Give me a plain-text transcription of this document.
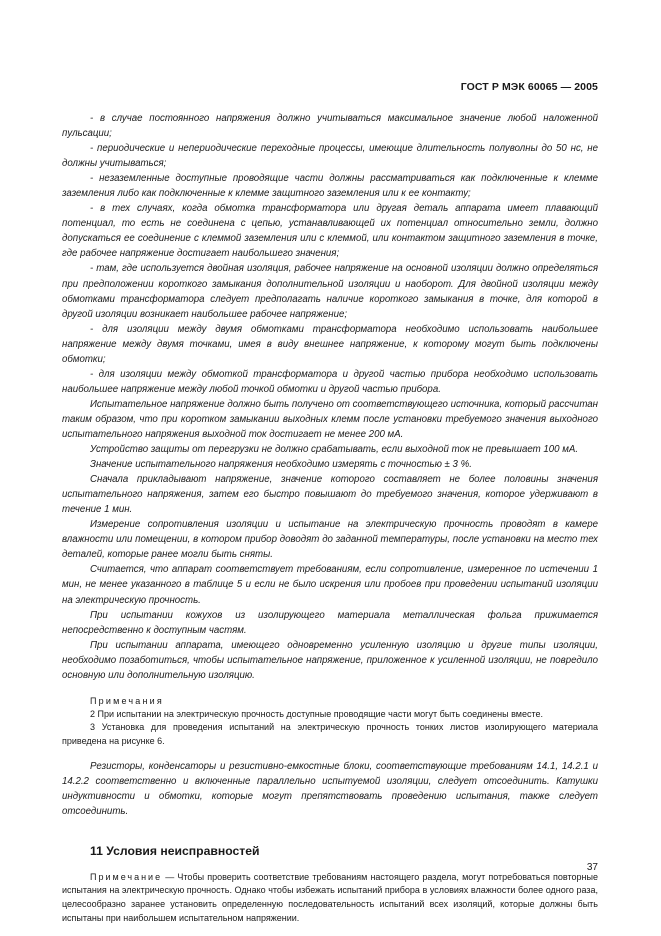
ГОСТ Р МЭК 60065 — 2005

- в случае постоянного напряжения должно учитываться максимальное значение любой наложенной пульсации;

- периодические и непериодические переходные процессы, имеющие длительность полуволны до 50 нс, не должны учитываться;

- незаземленные доступные проводящие части должны рассматриваться как подключенные к клемме заземления либо как подключенные к клемме защитного заземления или к ее контакту;

- в тех случаях, когда обмотка трансформатора или другая деталь аппарата имеет плавающий потенциал, то есть не соединена с цепью, устанавливающей их потенциал относительно земли, должно допускаться ее соединение с клеммой заземления или с клеммой, или контактом защитного заземления в точке, где рабочее напряжение достигает наибольшего значения;

- там, где используется двойная изоляция, рабочее напряжение на основной изоляции должно определяться при предположении короткого замыкания дополнительной изоляции и наоборот. Для двойной изоляции между обмотками трансформатора следует предполагать наличие короткого замыкания в точке, для которой в другой изоляции возникает наибольшее рабочее напряжение;

- для изоляции между двумя обмотками трансформатора необходимо использовать наибольшее напряжение между двумя точками, имея в виду внешнее напряжение, к которому могут быть подключены обмотки;

- для изоляции между обмоткой трансформатора и другой частью прибора необходимо использовать наибольшее напряжение между любой точкой обмотки и другой частью прибора.

Испытательное напряжение должно быть получено от соответствующего источника, который рассчитан таким образом, что при коротком замыкании выходных клемм после установки требуемого значения выходного испытательного напряжения выходной ток достигает не менее 200 мА.

Устройство защиты от перегрузки не должно срабатывать, если выходной ток не превышает 100 мА.

Значение испытательного напряжения необходимо измерять с точностью ± 3 %.

Сначала прикладывают напряжение, значение которого составляет не более половины значения испытательного напряжения, затем его быстро повышают до требуемого значения, которое удерживают в течение 1 мин.

Измерение сопротивления изоляции и испытание на электрическую прочность проводят в камере влажности или помещении, в котором прибор доводят до заданной температуры, после установки на место тех деталей, которые ранее могли быть сняты.

Считается, что аппарат соответствует требованиям, если сопротивление, измеренное по истечении 1 мин, не менее указанного в таблице 5 и если не было искрения или пробоев при проведении испытаний изоляции на электрическую прочность.

При испытании кожухов из изолирующего материала металлическая фольга прижимается непосредственно к доступным частям.

При испытании аппарата, имеющего одновременно усиленную изоляцию и другие типы изоляции, необходимо позаботиться, чтобы испытательное напряжение, приложенное к усиленной изоляции, не повредило основную или дополнительную изоляцию.

Примечания

2 При испытании на электрическую прочность доступные проводящие части могут быть соединены вместе.

3 Установка для проведения испытаний на электрическую прочность тонких листов изолирующего материала приведена на рисунке 6.

Резисторы, конденсаторы и резистивно-емкостные блоки, соответствующие требованиям 14.1, 14.2.1 и 14.2.2 соответственно и включенные параллельно испытуемой изоляции, следует отсоединить. Катушки индуктивности и обмотки, которые могут препятствовать проведению испытания, также следует отсоединить.

11 Условия неисправностей

Примечание — Чтобы проверить соответствие требованиям настоящего раздела, могут потребоваться повторные испытания на электрическую прочность. Однако чтобы избежать испытаний прибора в условиях влажности более одного раза, целесообразно заранее установить определенную последовательность испытаний всех изоляций, которые должны быть испытаны при наибольшем испытательном напряжении.

37
